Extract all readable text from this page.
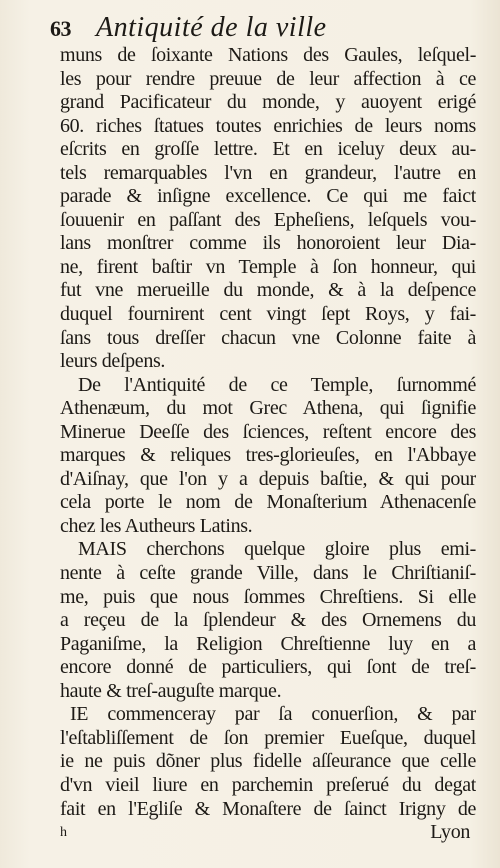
63 Antiquité de la ville
muns de ſoixante Nations des Gaules, leſquel-
les pour rendre preuue de leur affection à ce
grand Pacificateur du monde, y auoyent erigé
60. riches ſtatues toutes enrichies de leurs noms
eſcrits en groſſe lettre. Et en iceluy deux au-
tels remarquables l'vn en grandeur, l'autre en
parade & inſigne excellence. Ce qui me faict
ſouuenir en paſſant des Epheſiens, leſquels vou-
lans monſtrer comme ils honoroient leur Dia-
ne, firent baſtir vn Temple à ſon honneur, qui
fut vne merueille du monde, & à la deſpence
duquel fournirent cent vingt ſept Roys, y fai-
ſans tous dreſſer chacun vne Colonne faite à
leurs deſpens.
De l'Antiquité de ce Temple, ſurnommé
Athenæum, du mot Grec Athena, qui ſignifie
Minerue Deeſſe des ſciences, reſtent encore des
marques & reliques tres-glorieuſes, en l'Abbaye
d'Aiſnay, que l'on y a depuis baſtie, & qui pour
cela porte le nom de Monaſterium Athenacenſe
chez les Autheurs Latins.
MAIS cherchons quelque gloire plus emi-
nente à ceſte grande Ville, dans le Chriſtianiſ-
me, puis que nous ſommes Chreſtiens. Si elle
a reçeu de la ſplendeur & des Ornemens du
Paganiſme, la Religion Chreſtienne luy en a
encore donné de particuliers, qui ſont de treſ-
haute & treſ-auguſte marque.
IE commenceray par ſa conuerſion, & par
l'eſtabliſſement de ſon premier Eueſque, duquel
ie ne puis dõner plus fidelle aſſeurance que celle
d'vn vieil liure en parchemin preſerué du degat
fait en l'Egliſe & Monaſtere de ſainct Irigny de
h	Lyon
